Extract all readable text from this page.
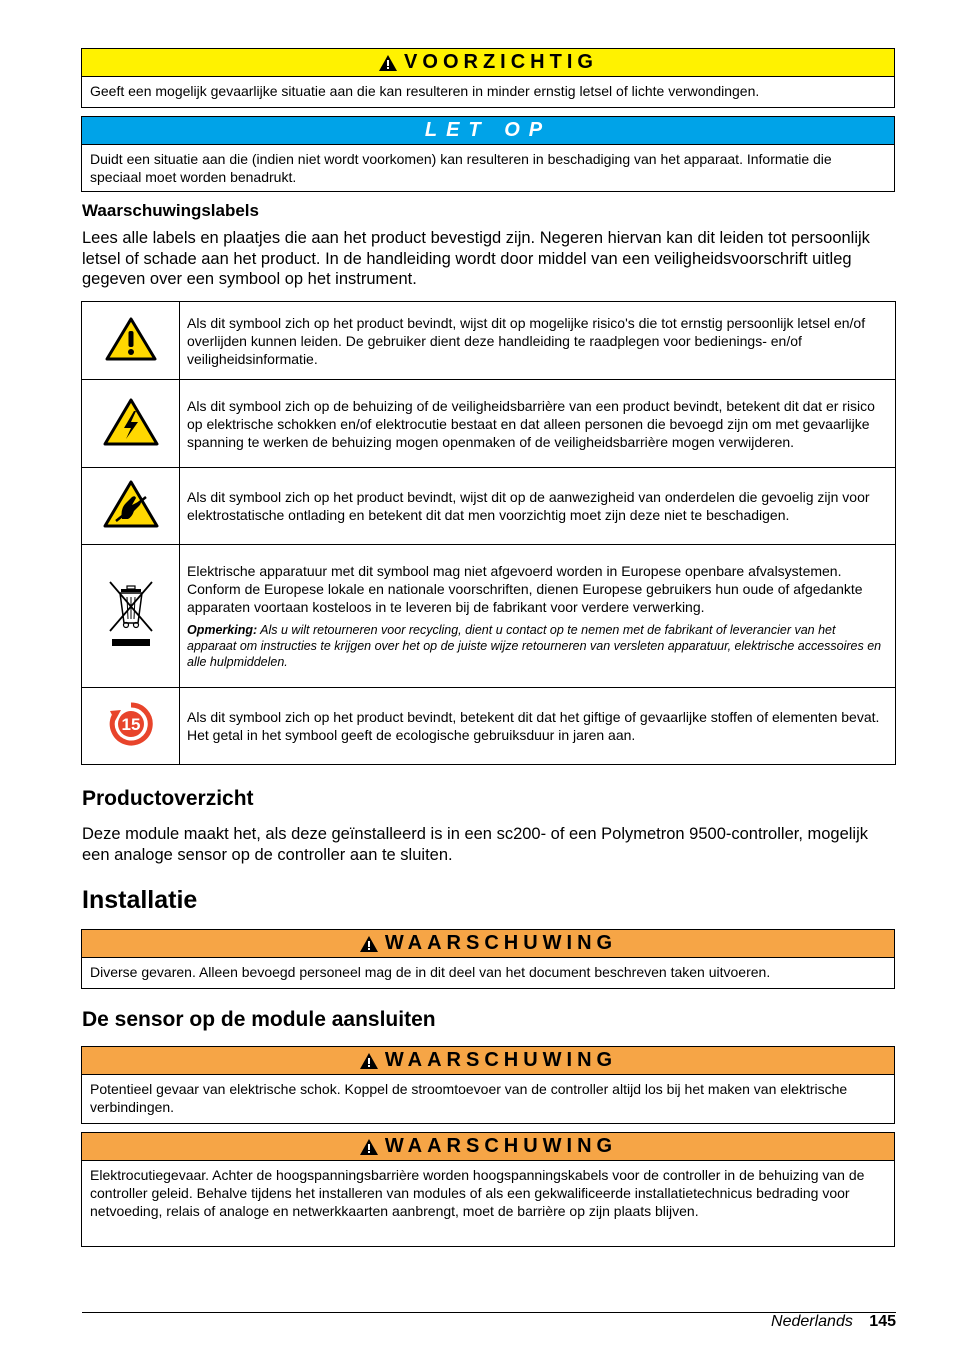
VOORZICHTIG
Geeft een mogelijk gevaarlijke situatie aan die kan resulteren in minder ernstig letsel of lichte verwondingen.
LET OP
Duidt een situatie aan die (indien niet wordt voorkomen) kan resulteren in beschadiging van het apparaat. Informatie die speciaal moet worden benadrukt.
Waarschuwingslabels

Lees alle labels en plaatjes die aan het product bevestigd zijn. Negeren hiervan kan dit leiden tot persoonlijk letsel of schade aan het product. In de handleiding wordt door middel van een veiligheidsvoorschrift uitleg gegeven over een symbool op het instrument.

	Als dit symbool zich op het product bevindt, wijst dit op mogelijke risico's die tot ernstig persoonlijk letsel en/of overlijden kunnen leiden. De gebruiker dient deze handleiding te raadplegen voor bedienings- en/of veiligheidsinformatie.
	Als dit symbool zich op de behuizing of de veiligheidsbarrière van een product bevindt, betekent dit dat er risico op elektrische schokken en/of elektrocutie bestaat en dat alleen personen die bevoegd zijn om met gevaarlijke spanning te werken de behuizing mogen openmaken of de veiligheidsbarrière mogen verwijderen.
	Als dit symbool zich op het product bevindt, wijst dit op de aanwezigheid van onderdelen die gevoelig zijn voor elektrostatische ontlading en betekent dit dat men voorzichtig moet zijn deze niet te beschadigen.

Elektrische apparatuur met dit symbool mag niet afgevoerd worden in Europese openbare afvalsystemen. Conform de Europese lokale en nationale voorschriften, dienen Europese gebruikers hun oude of afgedankte apparaten voortaan kosteloos in te leveren bij de fabrikant voor verdere verwerking.
Opmerking: Als u wilt retourneren voor recycling, dient u contact op te nemen met de fabrikant of leverancier van het apparaat om instructies te krijgen over het op de juiste wijze retourneren van versleten apparatuur, elektrische accessoires en alle hulpmiddelen.

15	Als dit symbool zich op het product bevindt, betekent dit dat het giftige of gevaarlijke stoffen of elementen bevat. Het getal in het symbool geeft de ecologische gebruiksduur in jaren aan.
Productoverzicht

Deze module maakt het, als deze geïnstalleerd is in een sc200- of een Polymetron 9500-controller, mogelijk een analoge sensor op de controller aan te sluiten.

Installatie
WAARSCHUWING
Diverse gevaren. Alleen bevoegd personeel mag de in dit deel van het document beschreven taken uitvoeren.
De sensor op de module aansluiten
WAARSCHUWING
Potentieel gevaar van elektrische schok. Koppel de stroomtoevoer van de controller altijd los bij het maken van elektrische verbindingen.
WAARSCHUWING
Elektrocutiegevaar. Achter de hoogspanningsbarrière worden hoogspanningskabels voor de controller in de behuizing van de controller geleid. Behalve tijdens het installeren van modules of als een gekwalificeerde installatietechnicus bedrading voor netvoeding, relais of analoge en netwerkkaarten aanbrengt, moet de barrière op zijn plaats blijven.
Nederlands 145
